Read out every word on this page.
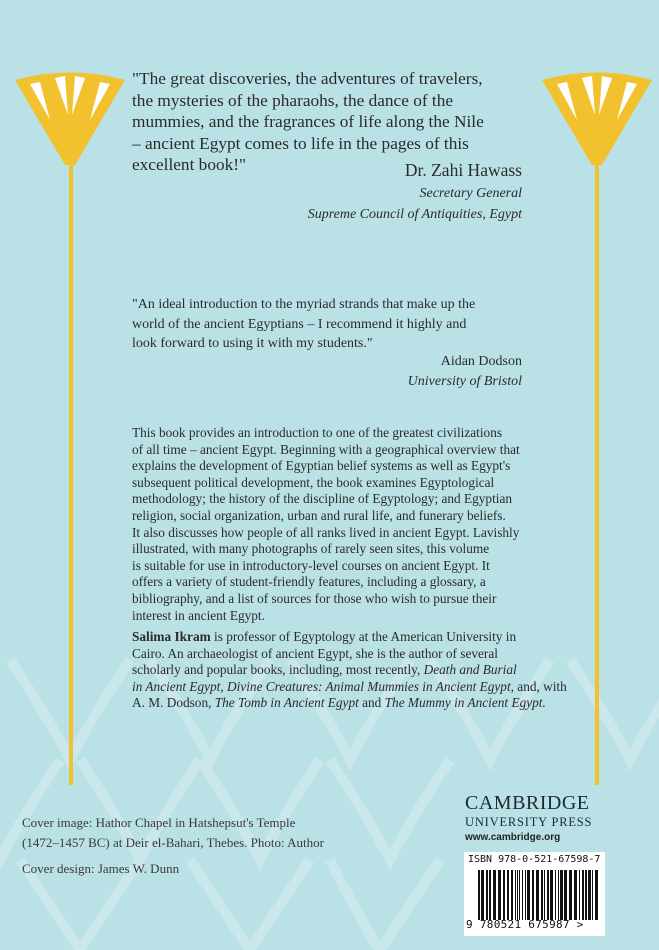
"The great discoveries, the adventures of travelers,
the mysteries of the pharaohs, the dance of the
mummies, and the fragrances of life along the Nile
– ancient Egypt comes to life in the pages of this
excellent book!"	Dr. Zahi Hawass
Secretary General
Supreme Council of Antiquities, Egypt
"An ideal introduction to the myriad strands that make up the
world of the ancient Egyptians – I recommend it highly and
look forward to using it with my students."
Aidan Dodson
University of Bristol
This book provides an introduction to one of the greatest civilizations
of all time – ancient Egypt. Beginning with a geographical overview that
explains the development of Egyptian belief systems as well as Egypt's
subsequent political development, the book examines Egyptological
methodology; the history of the discipline of Egyptology; and Egyptian
religion, social organization, urban and rural life, and funerary beliefs.
It also discusses how people of all ranks lived in ancient Egypt. Lavishly
illustrated, with many photographs of rarely seen sites, this volume
is suitable for use in introductory-level courses on ancient Egypt. It
offers a variety of student-friendly features, including a glossary, a
bibliography, and a list of sources for those who wish to pursue their
interest in ancient Egypt.
Salima Ikram is professor of Egyptology at the American University in
Cairo. An archaeologist of ancient Egypt, she is the author of several
scholarly and popular books, including, most recently, Death and Burial
in Ancient Egypt, Divine Creatures: Animal Mummies in Ancient Egypt, and, with
A. M. Dodson, The Tomb in Ancient Egypt and The Mummy in Ancient Egypt.
Cover image: Hathor Chapel in Hatshepsut's Temple
(1472–1457 BC) at Deir el-Bahari, Thebes. Photo: Author
Cover design: James W. Dunn
CAMBRIDGE
UNIVERSITY PRESS
www.cambridge.org
ISBN 978-0-521-67598-7
9 780521 675987 >
